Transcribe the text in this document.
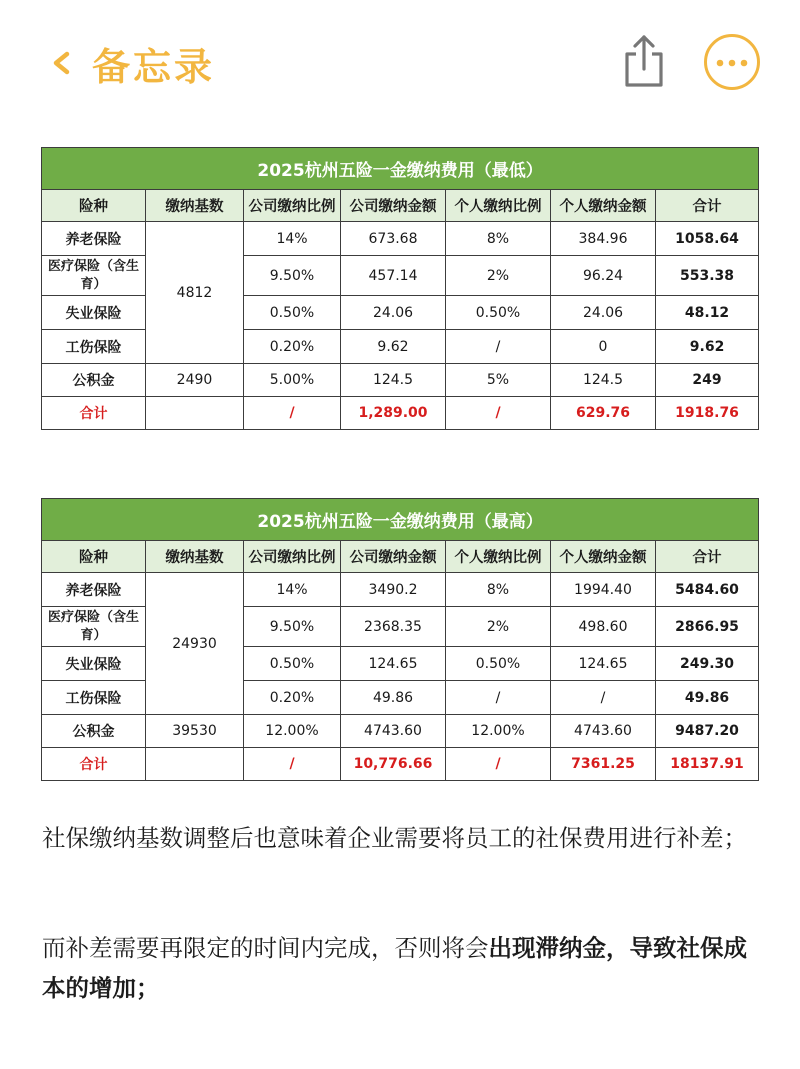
备忘录
2025杭州五险一金缴纳费用（最低）						
险种	缴纳基数	公司缴纳比例	公司缴纳金额	个人缴纳比例	个人缴纳金额	合计
养老保险	4812	14%	673.68	8%	384.96	1058.64
医疗保险（含生育）		9.50%	457.14	2%	96.24	553.38
失业保险		0.50%	24.06	0.50%	24.06	48.12
工伤保险		0.20%	9.62	/	0	9.62
公积金	2490	5.00%	124.5	5%	124.5	249
合计		/	1,289.00	/	629.76	1918.76
2025杭州五险一金缴纳费用（最高）						
险种	缴纳基数	公司缴纳比例	公司缴纳金额	个人缴纳比例	个人缴纳金额	合计
养老保险	24930	14%	3490.2	8%	1994.40	5484.60
医疗保险（含生育）		9.50%	2368.35	2%	498.60	2866.95
失业保险		0.50%	124.65	0.50%	124.65	249.30
工伤保险		0.20%	49.86	/	/	49.86
公积金	39530	12.00%	4743.60	12.00%	4743.60	9487.20
合计		/	10,776.66	/	7361.25	18137.91

社保缴纳基数调整后也意味着企业需要将员工的社保费用进行补差；

而补差需要再限定的时间内完成，否则将会出现滞纳金，导致社保成本的增加；
